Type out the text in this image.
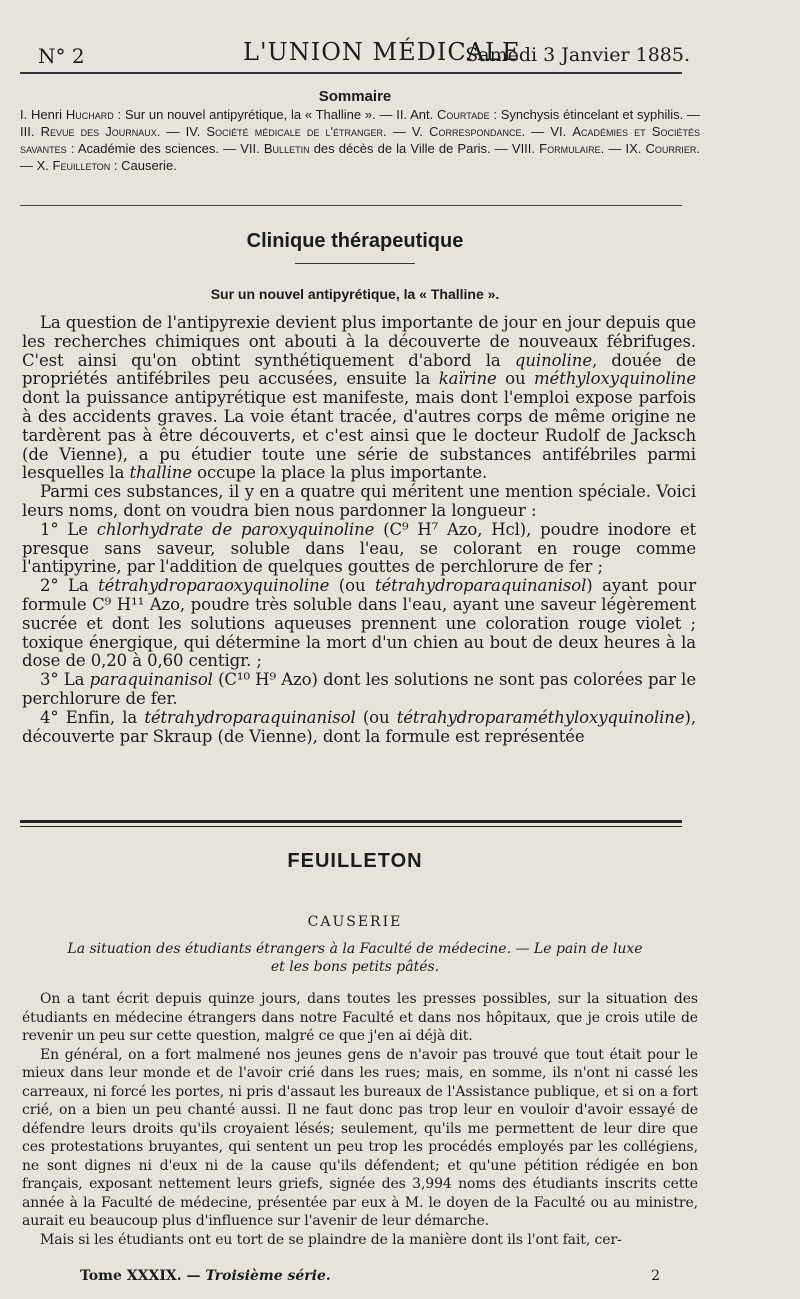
N° 2	L'UNION MÉDICALE
Samedi 3 Janvier 1885.
Sommaire
I. Henri Huchard : Sur un nouvel antipyrétique, la « Thalline ». — II. Ant. Courtade : Synchysis étincelant et syphilis. — III. Revue des Journaux. — IV. Société médicale de l'étranger. — V. Correspondance. — VI. Académies et Sociétés savantes : Académie des sciences. — VII. Bulletin des décès de la Ville de Paris. — VIII. Formulaire. — IX. Courrier. — X. Feuilleton : Causerie.
Clinique thérapeutique
Sur un nouvel antipyrétique, la « Thalline ».

La question de l'antipyrexie devient plus importante de jour en jour depuis que les recherches chimiques ont abouti à la découverte de nouveaux fébrifuges. C'est ainsi qu'on obtint synthétiquement d'abord la quinoline, douée de propriétés antifébriles peu accusées, ensuite la kaïrine ou méthyloxyquinoline dont la puissance antipyrétique est manifeste, mais dont l'emploi expose parfois à des accidents graves. La voie étant tracée, d'autres corps de même origine ne tardèrent pas à être découverts, et c'est ainsi que le docteur Rudolf de Jacksch (de Vienne), a pu étudier toute une série de substances antifébriles parmi lesquelles la thalline occupe la place la plus importante.

Parmi ces substances, il y en a quatre qui méritent une mention spéciale. Voici leurs noms, dont on voudra bien nous pardonner la longueur :

1° Le chlorhydrate de paroxyquinoline (C⁹ H⁷ Azo, Hcl), poudre inodore et presque sans saveur, soluble dans l'eau, se colorant en rouge comme l'antipyrine, par l'addition de quelques gouttes de perchlorure de fer ;

2° La tétrahydroparaoxyquinoline (ou tétrahydroparaquinanisol) ayant pour formule C⁹ H¹¹ Azo, poudre très soluble dans l'eau, ayant une saveur légèrement sucrée et dont les solutions aqueuses prennent une coloration rouge violet ; toxique énergique, qui détermine la mort d'un chien au bout de deux heures à la dose de 0,20 à 0,60 centigr. ;

3° La paraquinanisol (C¹⁰ H⁹ Azo) dont les solutions ne sont pas colorées par le perchlorure de fer.

4° Enfin, la tétrahydroparaquinanisol (ou tétrahydroparaméthyloxyquinoline), découverte par Skraup (de Vienne), dont la formule est représentée

FEUILLETON
CAUSERIE
La situation des étudiants étrangers à la Faculté de médecine. — Le pain de luxe
et les bons petits pâtés.

On a tant écrit depuis quinze jours, dans toutes les presses possibles, sur la situation des étudiants en médecine étrangers dans notre Faculté et dans nos hôpitaux, que je crois utile de revenir un peu sur cette question, malgré ce que j'en ai déjà dit.

En général, on a fort malmené nos jeunes gens de n'avoir pas trouvé que tout était pour le mieux dans leur monde et de l'avoir crié dans les rues; mais, en somme, ils n'ont ni cassé les carreaux, ni forcé les portes, ni pris d'assaut les bureaux de l'Assistance publique, et si on a fort crié, on a bien un peu chanté aussi. Il ne faut donc pas trop leur en vouloir d'avoir essayé de défendre leurs droits qu'ils croyaient lésés; seulement, qu'ils me permettent de leur dire que ces protestations bruyantes, qui sentent un peu trop les procédés employés par les collégiens, ne sont dignes ni d'eux ni de la cause qu'ils défendent; et qu'une pétition rédigée en bon français, exposant nettement leurs griefs, signée des 3,994 noms des étudiants inscrits cette année à la Faculté de médecine, présentée par eux à M. le doyen de la Faculté ou au ministre, aurait eu beaucoup plus d'influence sur l'avenir de leur démarche.

Mais si les étudiants ont eu tort de se plaindre de la manière dont ils l'ont fait, cer-

Tome XXXIX. — Troisième série.	2
